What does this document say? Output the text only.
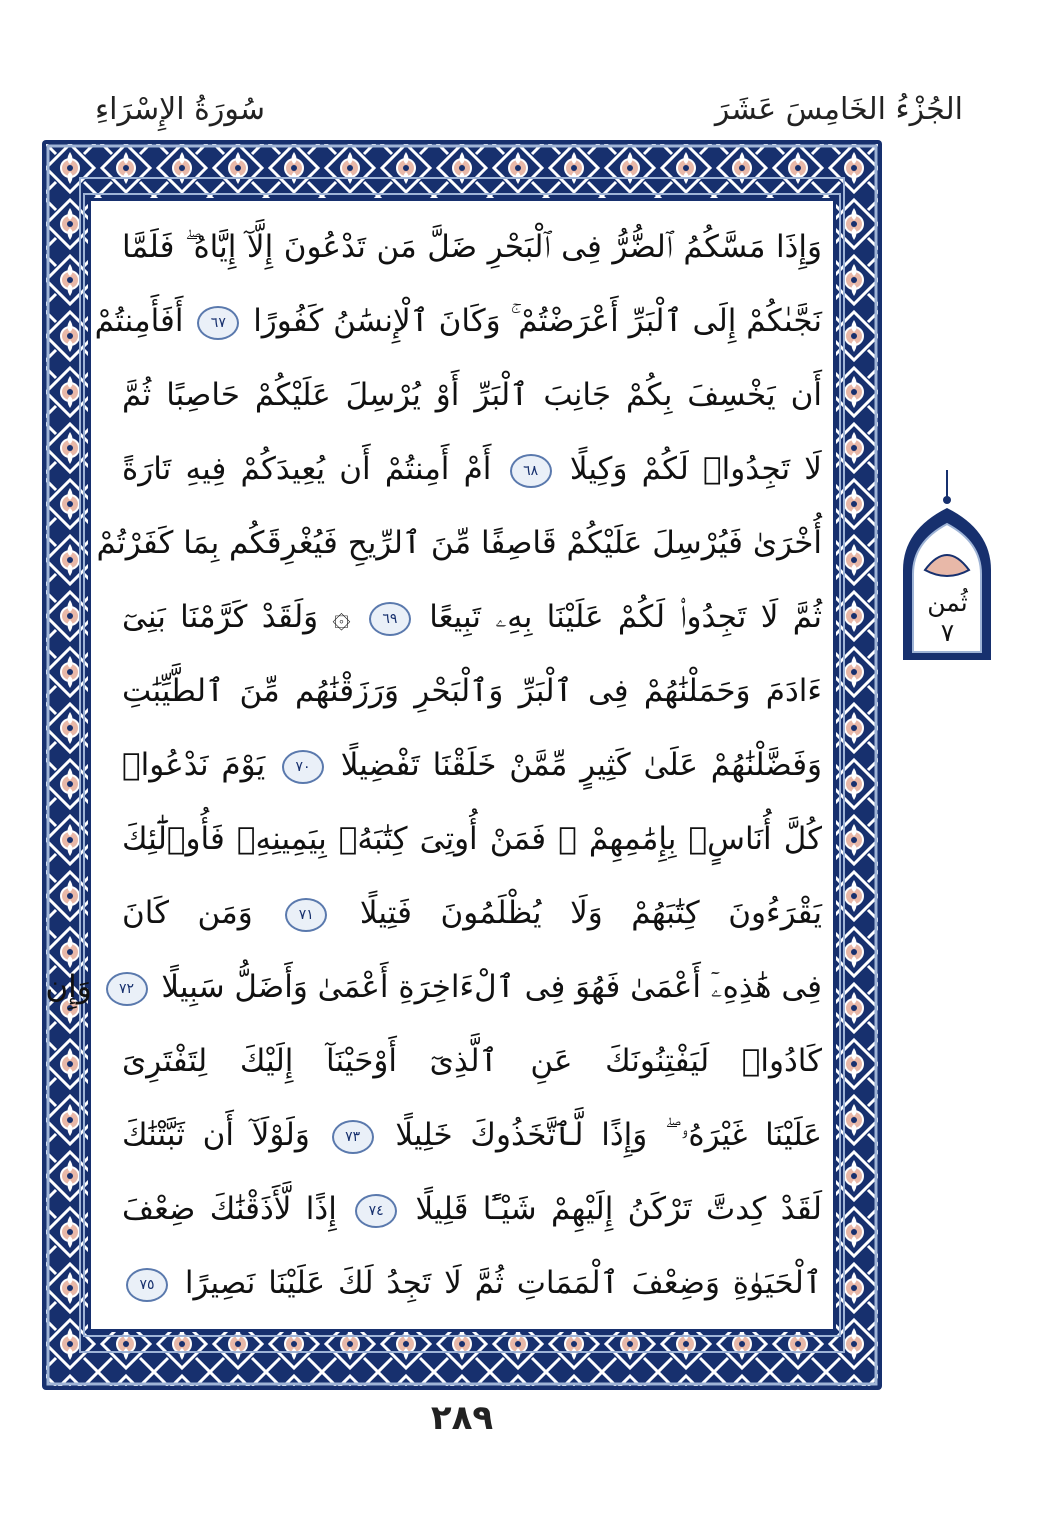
الجُزْءُ الخَامِسَ عَشَرَ
سُورَةُ الإِسْرَاءِ
وَإِذَا مَسَّكُمُ ٱلضُّرُّ فِى ٱلْبَحْرِ ضَلَّ مَن تَدْعُونَ إِلَّآ إِيَّاهُ ۖ فَلَمَّا
نَجَّىٰكُمْ إِلَى ٱلْبَرِّ أَعْرَضْتُمْ ۚ وَكَانَ ٱلْإِنسَٰنُ كَفُورًا ٦٧ أَفَأَمِنتُمْ
أَن يَخْسِفَ بِكُمْ جَانِبَ ٱلْبَرِّ أَوْ يُرْسِلَ عَلَيْكُمْ حَاصِبًا ثُمَّ
لَا تَجِدُوا۟ لَكُمْ وَكِيلًا ٦٨ أَمْ أَمِنتُمْ أَن يُعِيدَكُمْ فِيهِ تَارَةً
أُخْرَىٰ فَيُرْسِلَ عَلَيْكُمْ قَاصِفًا مِّنَ ٱلرِّيحِ فَيُغْرِقَكُم بِمَا كَفَرْتُمْ
ثُمَّ لَا تَجِدُوا۟ لَكُمْ عَلَيْنَا بِهِۦ تَبِيعًا ٦٩ ۞ وَلَقَدْ كَرَّمْنَا بَنِىٓ
ءَادَمَ وَحَمَلْنَٰهُمْ فِى ٱلْبَرِّ وَٱلْبَحْرِ وَرَزَقْنَٰهُم مِّنَ ٱلطَّيِّبَٰتِ
وَفَضَّلْنَٰهُمْ عَلَىٰ كَثِيرٍ مِّمَّنْ خَلَقْنَا تَفْضِيلًا ٧٠ يَوْمَ نَدْعُوا۟
كُلَّ أُنَاسٍۭ بِإِمَٰمِهِمْ ۖ فَمَنْ أُوتِىَ كِتَٰبَهُۥ بِيَمِينِهِۦ فَأُو۟لَٰٓئِكَ
يَقْرَءُونَ كِتَٰبَهُمْ وَلَا يُظْلَمُونَ فَتِيلًا ٧١ وَمَن كَانَ
فِى هَٰذِهِۦٓ أَعْمَىٰ فَهُوَ فِى ٱلْءَاخِرَةِ أَعْمَىٰ وَأَضَلُّ سَبِيلًا ٧٢ وَإِن
كَادُوا۟ لَيَفْتِنُونَكَ عَنِ ٱلَّذِىٓ أَوْحَيْنَآ إِلَيْكَ لِتَفْتَرِىَ
عَلَيْنَا غَيْرَهُۥ ۖ وَإِذًا لَّٱتَّخَذُوكَ خَلِيلًا ٧٣ وَلَوْلَآ أَن ثَبَّتْنَٰكَ
لَقَدْ كِدتَّ تَرْكَنُ إِلَيْهِمْ شَيْـًٔا قَلِيلًا ٧٤ إِذًا لَّأَذَقْنَٰكَ ضِعْفَ
ٱلْحَيَوٰةِ وَضِعْفَ ٱلْمَمَاتِ ثُمَّ لَا تَجِدُ لَكَ عَلَيْنَا نَصِيرًا ٧٥
ثُمن
٧
٢٨٩
